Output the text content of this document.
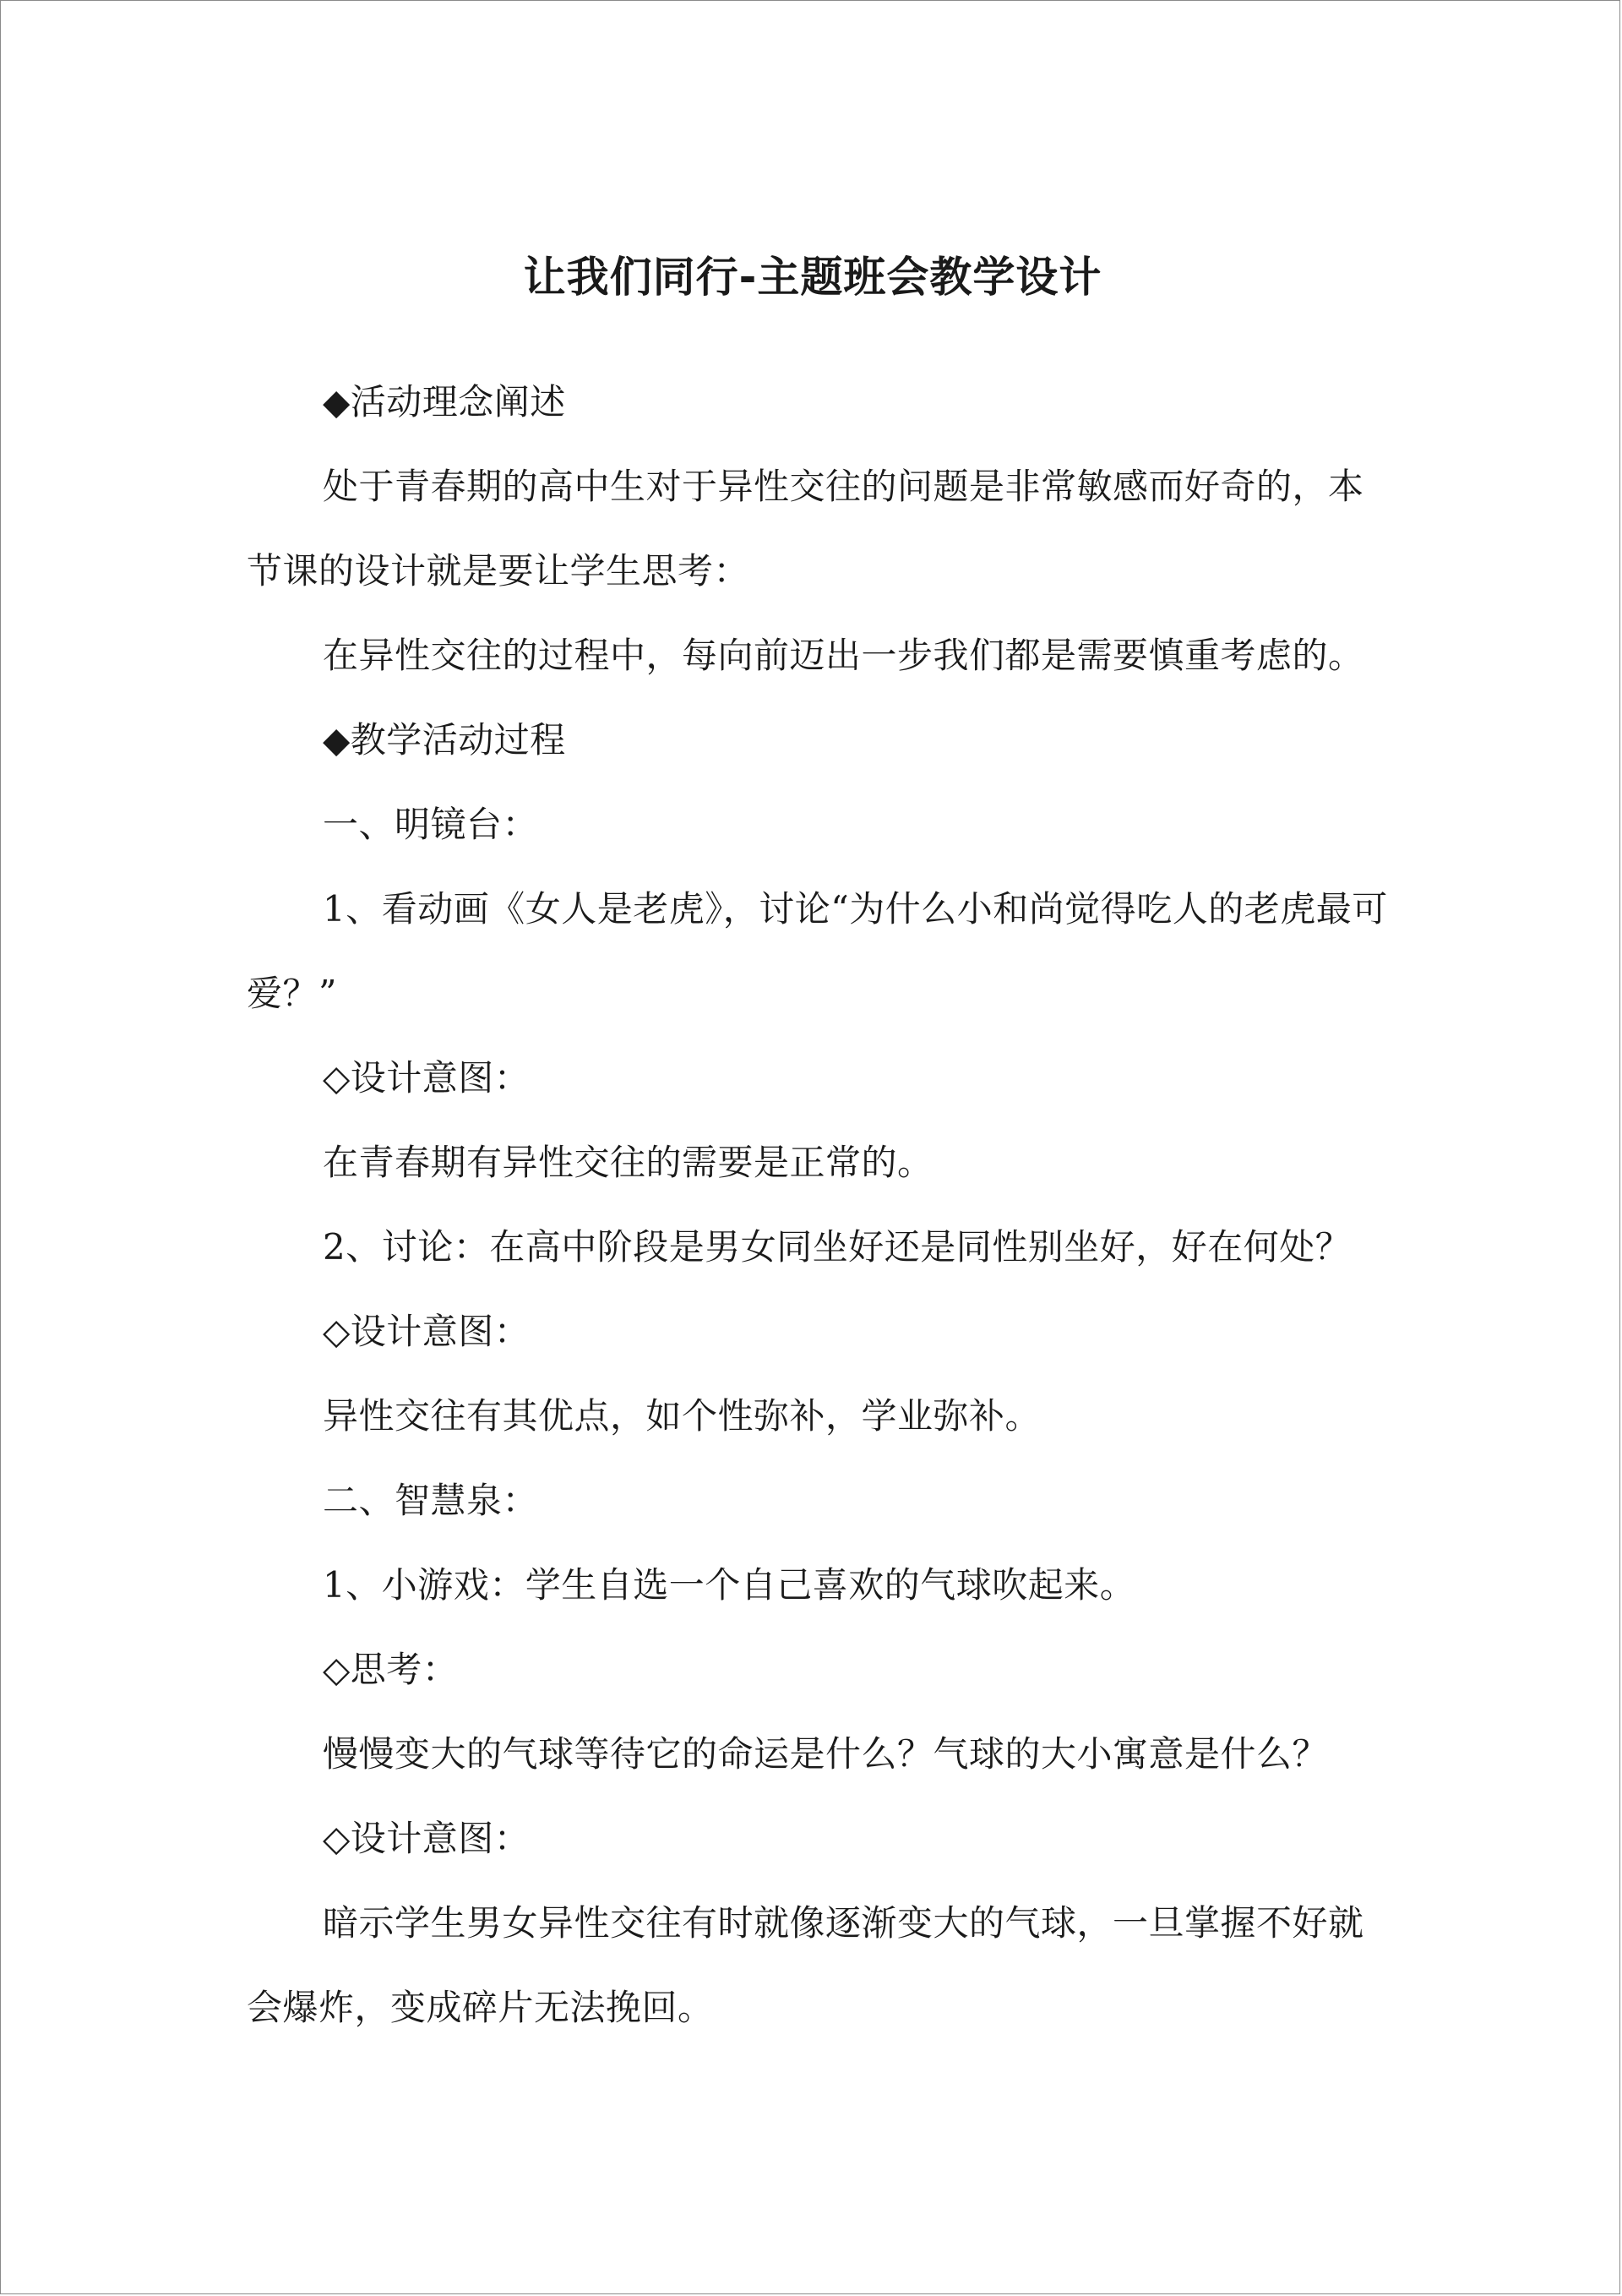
让我们同行-主题班会教学设计

◆活动理念阐述

处于青春期的高中生对于异性交往的问题是非常敏感而好奇的，本节课的设计就是要让学生思考：

在异性交往的过程中，每向前迈出一步我们都是需要慎重考虑的。

◆教学活动过程

一、明镜台：

1、看动画《女人是老虎》，讨论“为什么小和尚觉得吃人的老虎最可爱？”

◇设计意图：

在青春期有异性交往的需要是正常的。

2、讨论：在高中阶段是男女同坐好还是同性别坐好，好在何处？

◇设计意图：

异性交往有其优点，如个性弥补，学业弥补。

二、智慧泉：

1、小游戏：学生自选一个自己喜欢的气球吹起来。

◇思考：

慢慢变大的气球等待它的命运是什么？气球的大小寓意是什么？

◇设计意图：

暗示学生男女异性交往有时就像逐渐变大的气球，一旦掌握不好就会爆炸，变成碎片无法挽回。
